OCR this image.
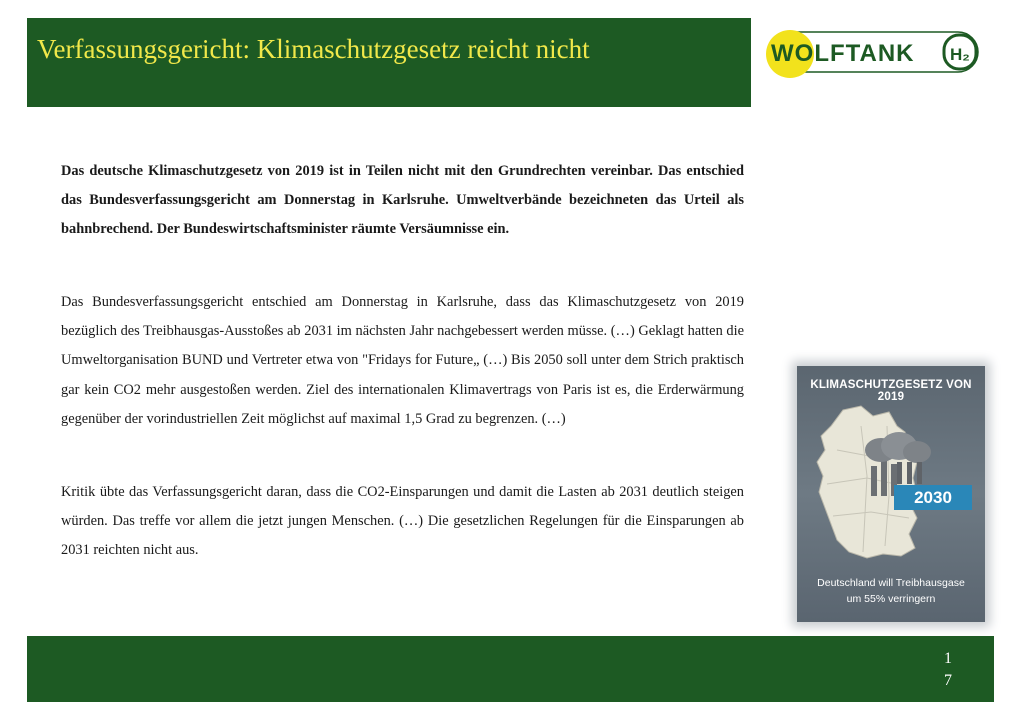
Verfassungsgericht: Klimaschutzgesetz reicht nicht	WOLFTANK H₂

Das deutsche Klimaschutzgesetz von 2019 ist in Teilen nicht mit den Grundrechten vereinbar. Das entschied das Bundesverfassungsgericht am Donnerstag in Karlsruhe. Umweltverbände bezeichneten das Urteil als bahnbrechend. Der Bundeswirtschaftsminister räumte Versäumnisse ein.

Das Bundesverfassungsgericht entschied am Donnerstag in Karlsruhe, dass das Klimaschutzgesetz von 2019 bezüglich des Treibhausgas-Ausstoßes ab 2031 im nächsten Jahr nachgebessert werden müsse. (…) Geklagt hatten die Umweltorganisation BUND und Vertreter etwa von "Fridays for Future„ (…) Bis 2050 soll unter dem Strich praktisch gar kein CO2 mehr ausgestoßen werden. Ziel des internationalen Klimavertrags von Paris ist es, die Erderwärmung gegenüber der vorindustriellen Zeit möglichst auf maximal 1,5 Grad zu begrenzen. (…)

Kritik übte das Verfassungsgericht daran, dass die CO2-Einsparungen und damit die Lasten ab 2031 deutlich steigen würden. Das treffe vor allem die jetzt jungen Menschen. (…) Die gesetzlichen Regelungen für die Einsparungen ab 2031 reichten nicht aus.

KLIMASCHUTZGESETZ VON 2019
2030
Deutschland will Treibhausgase
um 55% verringern
1
7
